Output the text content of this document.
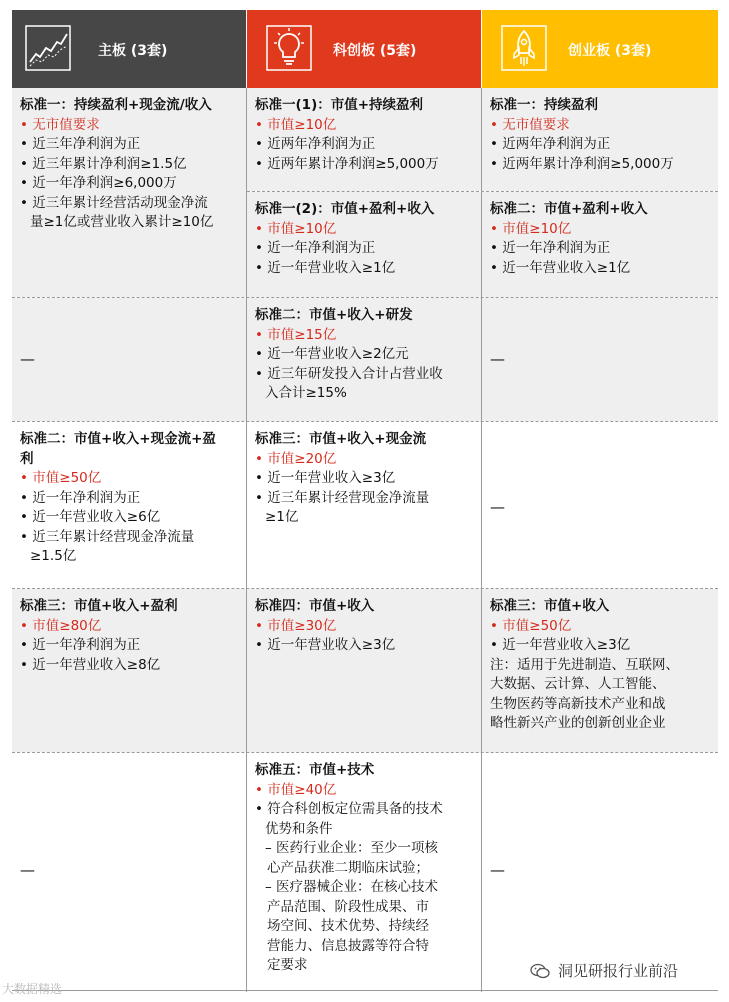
主板 (3套)	科创板 (5套)	创业板 (3套)
标准一：持续盈利+现金流/收入
• 无市值要求
• 近三年净利润为正
• 近三年累计净利润≥1.5亿
• 近一年净利润≥6,000万
• 近三年累计经营活动现金净流
量≥1亿或营业收入累计≥10亿
—
标准二：市值+收入+现金流+盈
利
• 市值≥50亿
• 近一年净利润为正
• 近一年营业收入≥6亿
• 近三年累计经营现金净流量
≥1.5亿
标准三：市值+收入+盈利
• 市值≥80亿
• 近一年净利润为正
• 近一年营业收入≥8亿
—
标准一(1)：市值+持续盈利
• 市值≥10亿
• 近两年净利润为正
• 近两年累计净利润≥5,000万
标准一(2)：市值+盈利+收入
• 市值≥10亿
• 近一年净利润为正
• 近一年营业收入≥1亿
标准二：市值+收入+研发
• 市值≥15亿
• 近一年营业收入≥2亿元
• 近三年研发投入合计占营业收
入合计≥15%
标准三：市值+收入+现金流
• 市值≥20亿
• 近一年营业收入≥3亿
• 近三年累计经营现金净流量
≥1亿
标准四：市值+收入
• 市值≥30亿
• 近一年营业收入≥3亿
标准五：市值+技术
• 市值≥40亿
• 符合科创板定位需具备的技术
优势和条件
– 医药行业企业：至少一项核
心产品获准二期临床试验；
– 医疗器械企业：在核心技术
产品范围、阶段性成果、市
场空间、技术优势、持续经
营能力、信息披露等符合特
定要求
标准一：持续盈利
• 无市值要求
• 近两年净利润为正
• 近两年累计净利润≥5,000万
标准二：市值+盈利+收入
• 市值≥10亿
• 近一年净利润为正
• 近一年营业收入≥1亿
—
—
标准三：市值+收入
• 市值≥50亿
• 近一年营业收入≥3亿
注：适用于先进制造、互联网、
大数据、云计算、人工智能、
生物医药等高新技术产业和战
略性新兴产业的创新创业企业
—
大数据精选
洞见研报行业前沿
